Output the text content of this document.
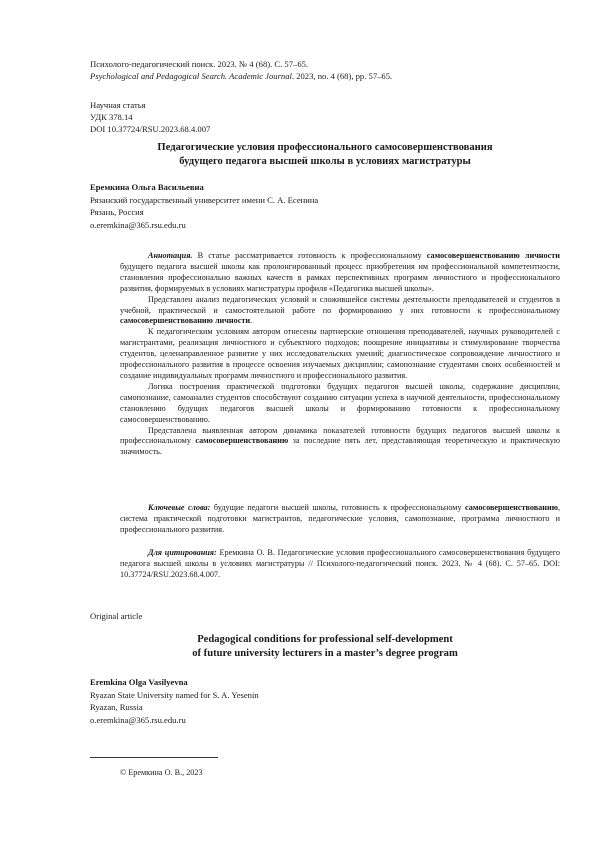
Психолого-педагогический поиск. 2023. № 4 (68). С. 57–65.
Psychological and Pedagogical Search. Academic Journal. 2023, no. 4 (68), pp. 57–65.
Научная статья
УДК 378.14
DOI 10.37724/RSU.2023.68.4.007
Педагогические условия профессионального самосовершенствования
будущего педагога высшей школы в условиях магистратуры
Еремкина Ольга Васильевна
Рязанский государственный университет имени С. А. Есенина
Рязань, Россия
o.eremkina@365.rsu.edu.ru

Аннотация. В статье рассматривается готовность к профессиональному самосовершенствованию личности будущего педагога высшей школы как пролонгированный процесс приобретения им профессиональной компетентности, становления профессионально важных качеств в рамках перспективных программ личностного и профессионального развития, формируемых в условиях магистратуры профиля «Педагогика высшей школы».

Представлен анализ педагогических условий и сложившейся системы деятельности преподавателей и студентов в учебной, практической и самостоятельной работе по формированию у них готовности к профессиональному самосовершенствованию личности.

К педагогическим условиям автором отнесены партнерские отношения преподавателей, научных руководителей с магистрантами, реализация личностного и субъектного подходов; поощрение инициативы и стимулирование творчества студентов, целенаправленное развитие у них исследовательских умений; диагностическое сопровождение личностного и профессионального развития в процессе освоения изучаемых дисциплин; самопознание студентами своих особенностей и создание индивидуальных программ личностного и профессионального развития.

Логика построения практической подготовки будущих педагогов высшей школы, содержание дисциплин, самопознание, самоанализ студентов способствуют созданию ситуации успеха в научной деятельности, профессиональному становлению будущих педагогов высшей школы и формированию готовности к профессиональному самосовершенствованию.

Представлена выявленная автором динамика показателей готовности будущих педагогов высшей школы к профессиональному самосовершенствованию за последние пять лет, представляющая теоретическую и практическую значимость.

Ключевые слова: будущие педагоги высшей школы, готовность к профессиональному самосовершенствованию, система практической подготовки магистрантов, педагогические условия, самопознание, программа личностного и профессионального развития.

Для цитирования: Еремкина О. В. Педагогические условия профессионального самосовершенствования будущего педагога высшей школы в условиях магистратуры // Психолого-педагогический поиск. 2023. № 4 (68). С. 57–65. DOI: 10.37724/RSU.2023.68.4.007.

Original article
Pedagogical conditions for professional self-development
of future university lecturers in a master’s degree program
Eremkina Olga Vasilyevna
Ryazan State University named for S. A. Yesenin
Ryazan, Russia
o.eremkina@365.rsu.edu.ru
© Еремкина О. В., 2023
